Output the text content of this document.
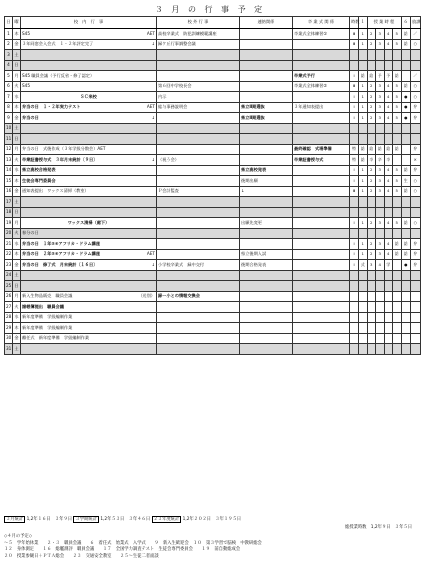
３ 月 の 行 事 予 定
日	曜	校　内　行　事	校 外 行 事	連絡関係	卒 業 式 関 係	時数	１	授 業 時 程				６	放課
1	木	S45 AET	高校卒業式　防犯訓練模範講座		卒業式全体練習①	Ⅲ	1	2	3	4	5	給	／
2	金	３年同窓会入会式　１・２年評定完了 ↓	緑ケ丘行事調整会議			Ⅲ	1	2	3	4	5	給	○
3	土	

4	日	

5	月	S45 職員会議（予行反省・修了認定）			卒業式予行	Ⅰ	給	給	予	予	給		／
6	火	S45	第６回中学校長会		卒業式全体練習②	Ⅲ	1	2	3	4	5	給	○
7	水	ＳＣ来校	内示			Ⅰ	1	2	3	4	5	●	○
8	木	弁当の日　１・２年実力テスト AET	総与事務説明会	県立Ⅱ期選抜	３年通知表提出	Ⅰ	1	2	3	4	5	●	弁
9	金	弁当の日 ↓		県立Ⅱ期選抜		Ⅰ	1	2	3	4	5	●	弁
10	土	

11	日	

12	月	弁当の日　式後作成（３年学級分散会）AET			最終確認　式場準備	特	給	給	給	給	給		弁
13	火	卒業証書授与式　３年月末統計〔９日〕 ↓	（祝う会）		卒業証書授与式	特	給	卒	卒	卒			✕
14	水	県立高校合格発表		県立高校発表		Ⅰ	1	2	3	4	5	給	弁
15	木	生徒会専門委員会		後期出願		Ⅰ	1	2	3	4	5	生	○
16	金	通知表提出　ワックス清掃（教室）	Ｐ会計監査	↓		Ⅲ	1	2	3	4	5	給	○
17	土	

18	日	

19	月	ワックス清掃（廊下）		出願先変更		Ⅰ	1	2	3	4	5	給	○
20	火	春分の日											

21	水	弁当の日　１年⑤⑥アフリカ・ドラム講座				Ⅰ	1	2	3	4	給	給	弁
22	木	弁当の日　２年⑤⑥アフリカ・ドラム講座 AET		県立後期入試		Ⅰ	1	2	3	4	給	給	弁
23	金	弁当の日　修了式　月末統計〔１６日〕 ↓	小学校卒業式　緑中交付	後期合格発表		Ⅰ	式	3	4	学		●	弁
24	土	

25	日	

26	月	新入生物品販売　職員会議 （送別）	緑ー小との情報交換会										
27	火	諸帳簿提出　職員会議											

28	水	新年度準備　学級編制作業											

29	木	新年度準備　学級編制作業											

30	金	離任式　新年度準備　学級編制作業											

31	土	

３月統計 1,2年１６日　３年９日 ３学期統計 1,2年５３日　３年４６日 ２３年度統計 1,2年２０２日　３年１９５日
総授業時数　1,2年９日　３年５日
◇４月の予定◇
～５　学年始休業　　２・３　職員会議　　６　着任式　始業式　入学式　　９　新入生歓迎会　１０　第３学習で脳検　中教研総会
１２　身体測定　　１６　総艦測評　職員会議　　１７　全国学力調査テスト　生徒会専門委員会　　１９　前自動総成会
２０　授業参観日＋ＰＴＡ総会　　２３　交通安全教室　　２５〜生徒二者面談
